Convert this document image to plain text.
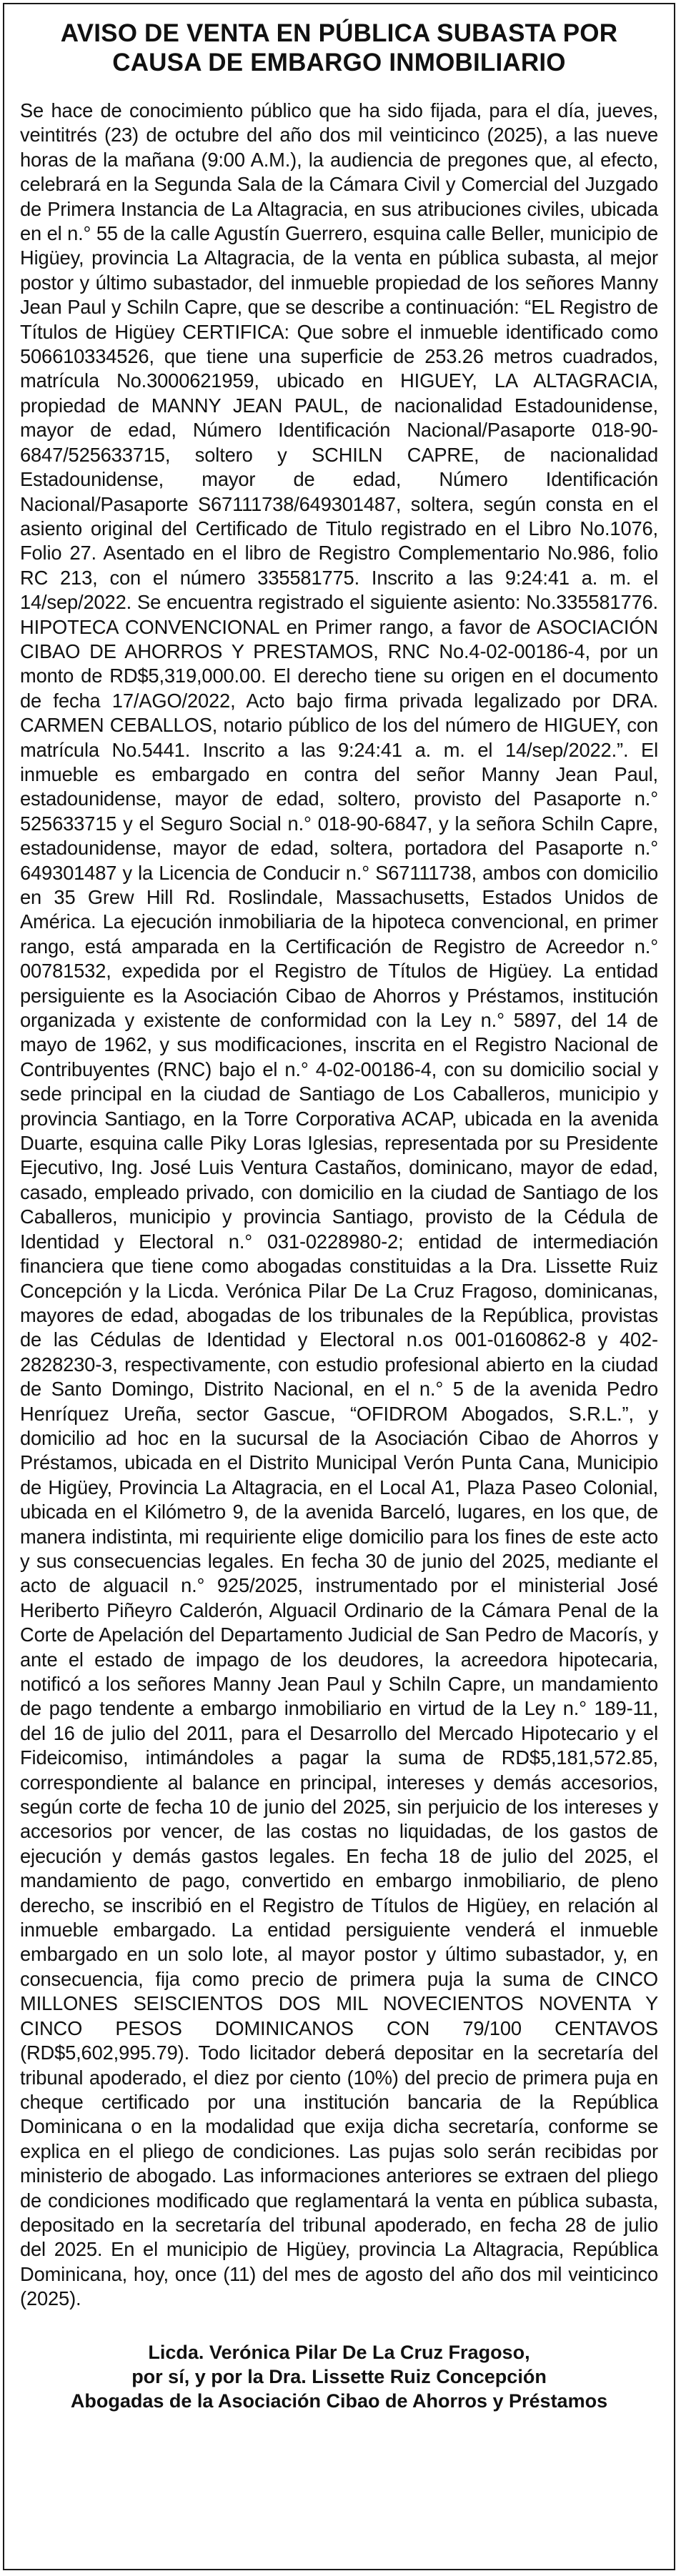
AVISO DE VENTA EN PÚBLICA SUBASTA POR
CAUSA DE EMBARGO INMOBILIARIO
Se hace de conocimiento público que ha sido fijada, para el día, jueves, veintitrés (23) de octubre del año dos mil veinticinco (2025), a las nueve horas de la mañana (9:00 A.M.), la audiencia de pregones que, al efecto, celebrará en la Segunda Sala de la Cámara Civil y Comercial del Juzgado de Primera Instancia de La Altagracia, en sus atribuciones civiles, ubicada en el n.° 55 de la calle Agustín Guerrero, esquina calle Beller, municipio de Higüey, provincia La Altagracia, de la venta en pública subasta, al mejor postor y último subastador, del inmueble propiedad de los señores Manny Jean Paul y Schiln Capre, que se describe a continuación: “EL Registro de Títulos de Higüey CERTIFICA: Que sobre el inmueble identificado como 506610334526, que tiene una superficie de 253.26 metros cuadrados, matrícula No.3000621959, ubicado en HIGUEY, LA ALTAGRACIA, propiedad de MANNY JEAN PAUL, de nacionalidad Estadounidense, mayor de edad, Número Identificación Nacional/Pasaporte 018-90-6847/525633715, soltero y SCHILN CAPRE, de nacionalidad Estadounidense, mayor de edad, Número Identificación Nacional/Pasaporte S67111738/649301487, soltera, según consta en el asiento original del Certificado de Titulo registrado en el Libro No.1076, Folio 27. Asentado en el libro de Registro Complementario No.986, folio RC 213, con el número 335581775. Inscrito a las 9:24:41 a. m. el 14/sep/2022. Se encuentra registrado el siguiente asiento: No.335581776. HIPOTECA CONVENCIONAL en Primer rango, a favor de ASOCIACIÓN CIBAO DE AHORROS Y PRESTAMOS, RNC No.4-02-00186-4, por un monto de RD$5,319,000.00. El derecho tiene su origen en el documento de fecha 17/AGO/2022, Acto bajo firma privada legalizado por DRA. CARMEN CEBALLOS, notario público de los del número de HIGUEY, con matrícula No.5441. Inscrito a las 9:24:41 a. m. el 14/sep/2022.”. El inmueble es embargado en contra del señor Manny Jean Paul, estadounidense, mayor de edad, soltero, provisto del Pasaporte n.° 525633715 y el Seguro Social n.° 018-90-6847, y la señora Schiln Capre, estadounidense, mayor de edad, soltera, portadora del Pasaporte n.° 649301487 y la Licencia de Conducir n.° S67111738, ambos con domicilio en 35 Grew Hill Rd. Roslindale, Massachusetts, Estados Unidos de América. La ejecución inmobiliaria de la hipoteca convencional, en primer rango, está amparada en la Certificación de Registro de Acreedor n.° 00781532, expedida por el Registro de Títulos de Higüey. La entidad persiguiente es la Asociación Cibao de Ahorros y Préstamos, institución organizada y existente de conformidad con la Ley n.° 5897, del 14 de mayo de 1962, y sus modificaciones, inscrita en el Registro Nacional de Contribuyentes (RNC) bajo el n.° 4-02-00186-4, con su domicilio social y sede principal en la ciudad de Santiago de Los Caballeros, municipio y provincia Santiago, en la Torre Corporativa ACAP, ubicada en la avenida Duarte, esquina calle Piky Loras Iglesias, representada por su Presidente Ejecutivo, Ing. José Luis Ventura Castaños, dominicano, mayor de edad, casado, empleado privado, con domicilio en la ciudad de Santiago de los Caballeros, municipio y provincia Santiago, provisto de la Cédula de Identidad y Electoral n.° 031-0228980-2; entidad de intermediación financiera que tiene como abogadas constituidas a la Dra. Lissette Ruiz Concepción y la Licda. Verónica Pilar De La Cruz Fragoso, dominicanas, mayores de edad, abogadas de los tribunales de la República, provistas de las Cédulas de Identidad y Electoral n.os 001-0160862-8 y 402-2828230-3, respectivamente, con estudio profesional abierto en la ciudad de Santo Domingo, Distrito Nacional, en el n.° 5 de la avenida Pedro Henríquez Ureña, sector Gascue, “OFIDROM Abogados, S.R.L.”, y domicilio ad hoc en la sucursal de la Asociación Cibao de Ahorros y Préstamos, ubicada en el Distrito Municipal Verón Punta Cana, Municipio de Higüey, Provincia La Altagracia, en el Local A1, Plaza Paseo Colonial, ubicada en el Kilómetro 9, de la avenida Barceló, lugares, en los que, de manera indistinta, mi requiriente elige domicilio para los fines de este acto y sus consecuencias legales. En fecha 30 de junio del 2025, mediante el acto de alguacil n.° 925/2025, instrumentado por el ministerial José Heriberto Piñeyro Calderón, Alguacil Ordinario de la Cámara Penal de la Corte de Apelación del Departamento Judicial de San Pedro de Macorís, y ante el estado de impago de los deudores, la acreedora hipotecaria, notificó a los señores Manny Jean Paul y Schiln Capre, un mandamiento de pago tendente a embargo inmobiliario en virtud de la Ley n.° 189-11, del 16 de julio del 2011, para el Desarrollo del Mercado Hipotecario y el Fideicomiso, intimándoles a pagar la suma de RD$5,181,572.85, correspondiente al balance en principal, intereses y demás accesorios, según corte de fecha 10 de junio del 2025, sin perjuicio de los intereses y accesorios por vencer, de las costas no liquidadas, de los gastos de ejecución y demás gastos legales. En fecha 18 de julio del 2025, el mandamiento de pago, convertido en embargo inmobiliario, de pleno derecho, se inscribió en el Registro de Títulos de Higüey, en relación al inmueble embargado. La entidad persiguiente venderá el inmueble embargado en un solo lote, al mayor postor y último subastador, y, en consecuencia, fija como precio de primera puja la suma de CINCO MILLONES SEISCIENTOS DOS MIL NOVECIENTOS NOVENTA Y CINCO PESOS DOMINICANOS CON 79/100 CENTAVOS (RD$5,602,995.79). Todo licitador deberá depositar en la secretaría del tribunal apoderado, el diez por ciento (10%) del precio de primera puja en cheque certificado por una institución bancaria de la República Dominicana o en la modalidad que exija dicha secretaría, conforme se explica en el pliego de condiciones. Las pujas solo serán recibidas por ministerio de abogado. Las informaciones anteriores se extraen del pliego de condiciones modificado que reglamentará la venta en pública subasta, depositado en la secretaría del tribunal apoderado, en fecha 28 de julio del 2025. En el municipio de Higüey, provincia La Altagracia, República Dominicana, hoy, once (11) del mes de agosto del año dos mil veinticinco (2025).
Licda. Verónica Pilar De La Cruz Fragoso,
por sí, y por la Dra. Lissette Ruiz Concepción
Abogadas de la Asociación Cibao de Ahorros y Préstamos
